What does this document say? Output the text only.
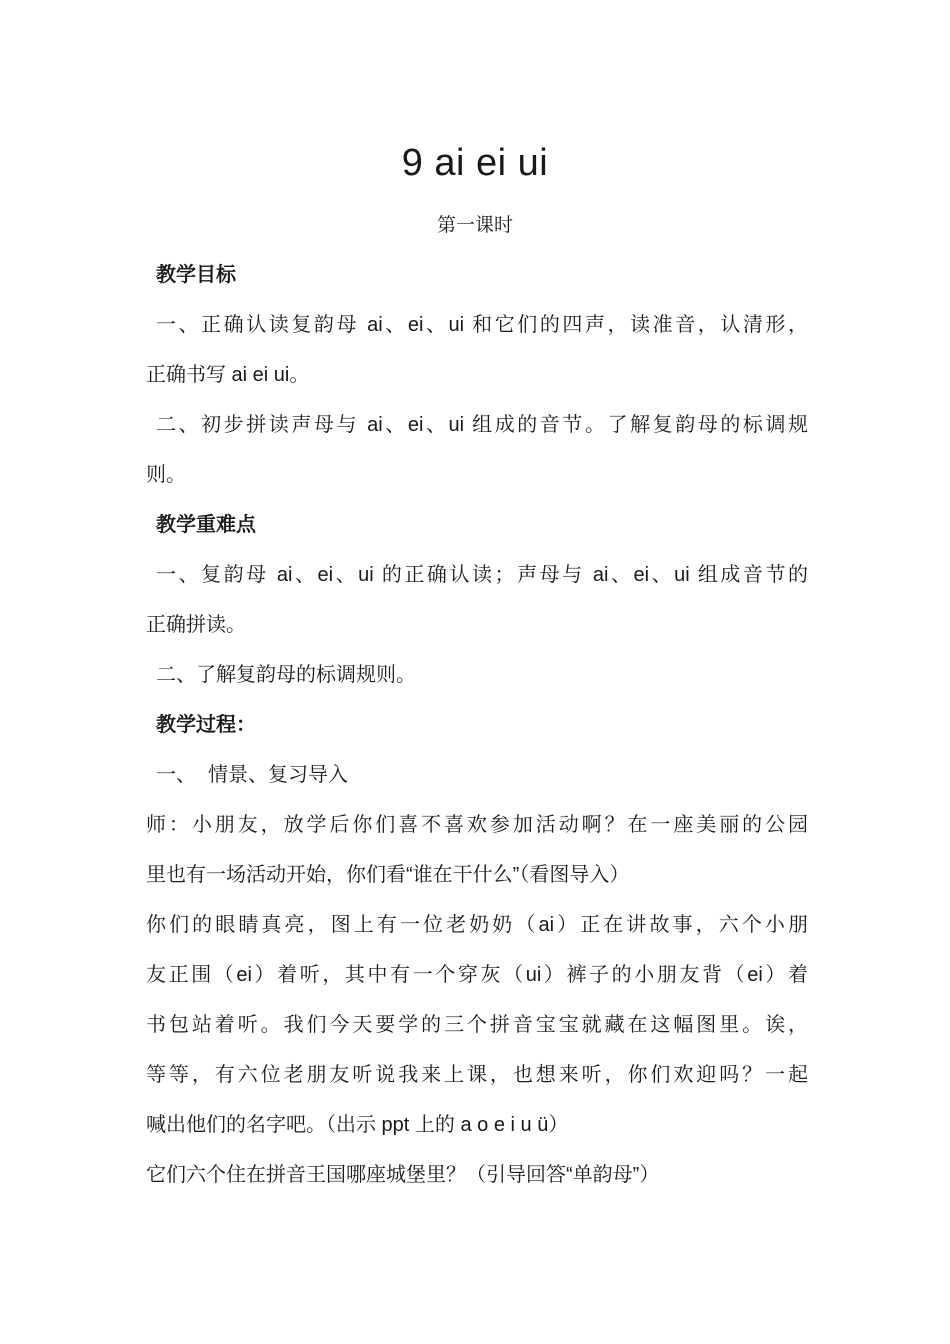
9 ai ei ui
第一课时
教学目标
一、正确认读复韵母 ai、ei、ui 和它们的四声，读准音，认清形，
正确书写 ai ei ui。
二、初步拼读声母与 ai、ei、ui 组成的音节。了解复韵母的标调规
则。
教学重难点
一、复韵母 ai、ei、ui 的正确认读；声母与 ai、ei、ui 组成音节的
正确拼读。
二、了解复韵母的标调规则。
教学过程：
一、 情景、复习导入
师：小朋友，放学后你们喜不喜欢参加活动啊？在一座美丽的公园
里也有一场活动开始，你们看“谁在干什么”（看图导入）
你们的眼睛真亮，图上有一位老奶奶（ai）正在讲故事，六个小朋
友正围（ei）着听，其中有一个穿灰（ui）裤子的小朋友背（ei）着
书包站着听。我们今天要学的三个拼音宝宝就藏在这幅图里。诶，
等等，有六位老朋友听说我来上课，也想来听，你们欢迎吗？一起
喊出他们的名字吧。（出示 ppt 上的 a o e i u ü）
它们六个住在拼音王国哪座城堡里？（引导回答“单韵母”）
